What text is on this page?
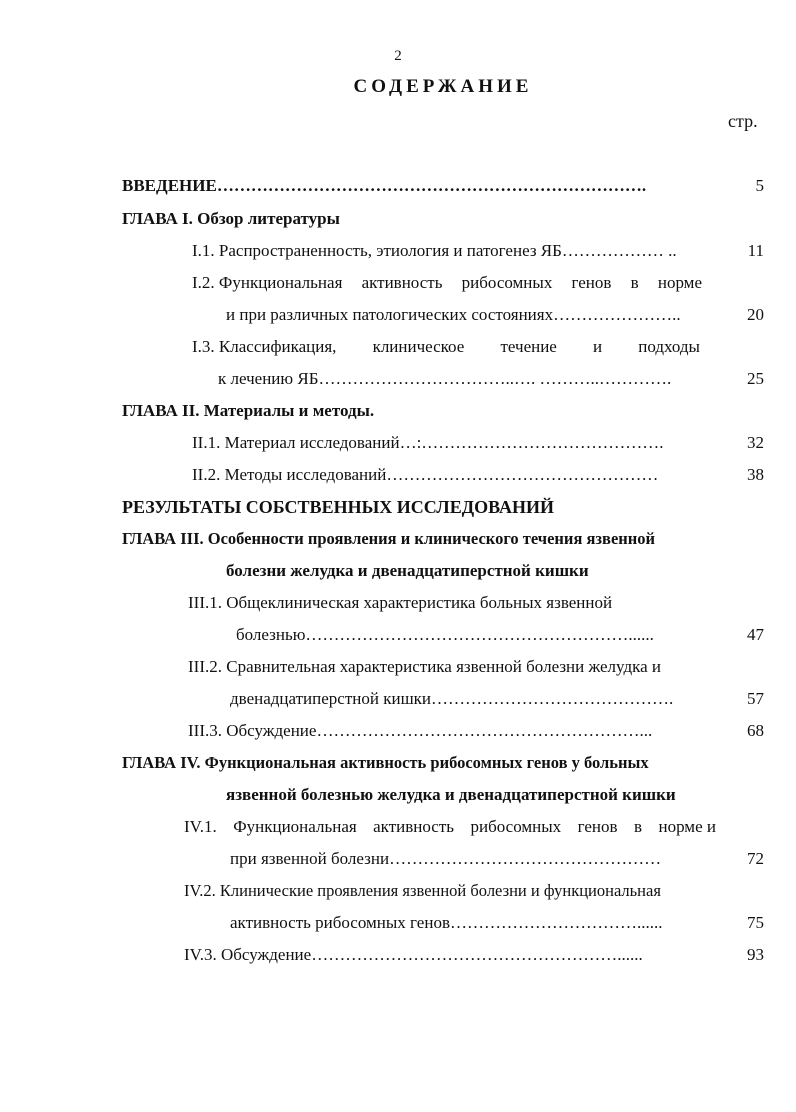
2
СОДЕРЖАНИЕ
стр.
ВВЕДЕНИЕ………………………………………………………………….	5
ГЛАВА I. Обзор литературы
I.1. Распространенность, этиология и патогенез ЯБ……………… ..	11
I.2. Функциональная активность рибосомных генов в норме
и при различных патологических состояниях…………………..	20
I.3. Классификация, клиническое течение и подходы
к лечению ЯБ……………………………..…. ………..………….	25
ГЛАВА II. Материалы и методы.
II.1. Материал исследований…:…………………………………….	32
II.2. Методы исследований…………………………………………	38
РЕЗУЛЬТАТЫ СОБСТВЕННЫХ ИССЛЕДОВАНИЙ
ГЛАВА III. Особенности проявления и клинического течения язвенной
болезни желудка и двенадцатиперстной кишки
III.1. Общеклиническая характеристика больных язвенной
болезнью…………………………………………………......	47
III.2. Сравнительная характеристика язвенной болезни желудка и
двенадцатиперстной кишки…………………………………….	57
III.3. Обсуждение…………………………………………………...	68
ГЛАВА IV. Функциональная активность рибосомных генов у больных
язвенной болезнью желудка и двенадцатиперстной кишки
IV.1. Функциональная активность рибосомных генов в норме и
при язвенной болезни…………………………………………	72
IV.2. Клинические проявления язвенной болезни и функциональная
активность рибосомных генов……………………………......	75
IV.3. Обсуждение………………………………………………......	93
